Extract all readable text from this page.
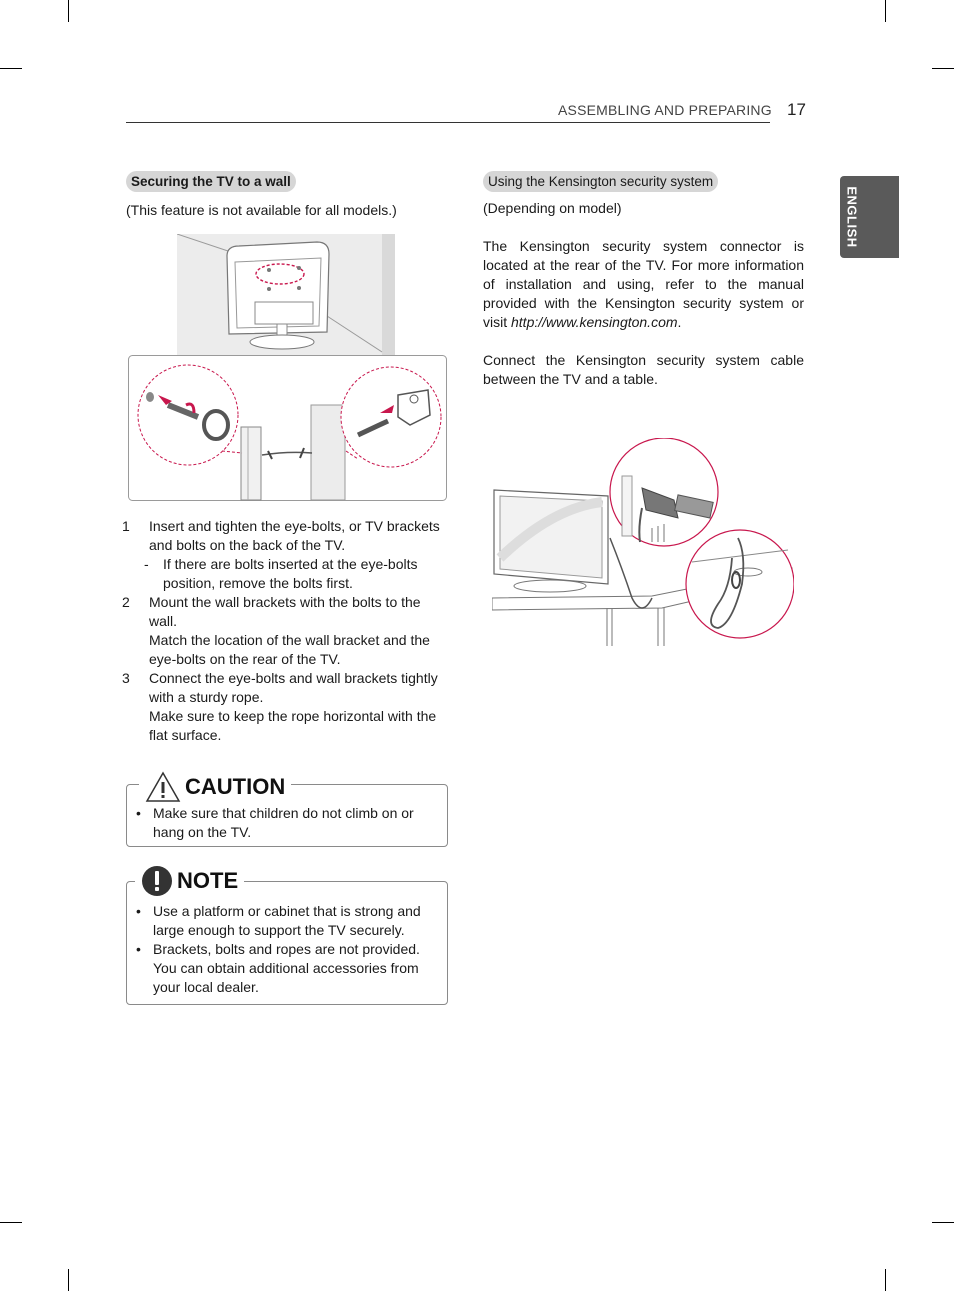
ASSEMBLING AND PREPARING 17
ENGLISH
Securing the TV to a wall
(This feature is not available for all models.)
1 Insert and tighten the eye-bolts, or TV brackets and bolts on the back of the TV.
- If there are bolts inserted at the eye-bolts position, remove the bolts first.
2 Mount the wall brackets with the bolts to the wall.
Match the location of the wall bracket and the eye-bolts on the rear of the TV.
3 Connect the eye-bolts and wall brackets tightly with a sturdy rope.
Make sure to keep the rope horizontal with the flat surface.
CAUTION
• Make sure that children do not climb on or hang on the TV.
NOTE
• Use a platform or cabinet that is strong and large enough to support the TV securely.
• Brackets, bolts and ropes are not provided. You can obtain additional accessories from your local dealer.
Using the Kensington security system
(Depending on model)
The Kensington security system connector is located at the rear of the TV. For more information of installation and using, refer to the manual provided with the Kensington security system or visit http://www.kensington.com.
Connect the Kensington security system cable between the TV and a table.
